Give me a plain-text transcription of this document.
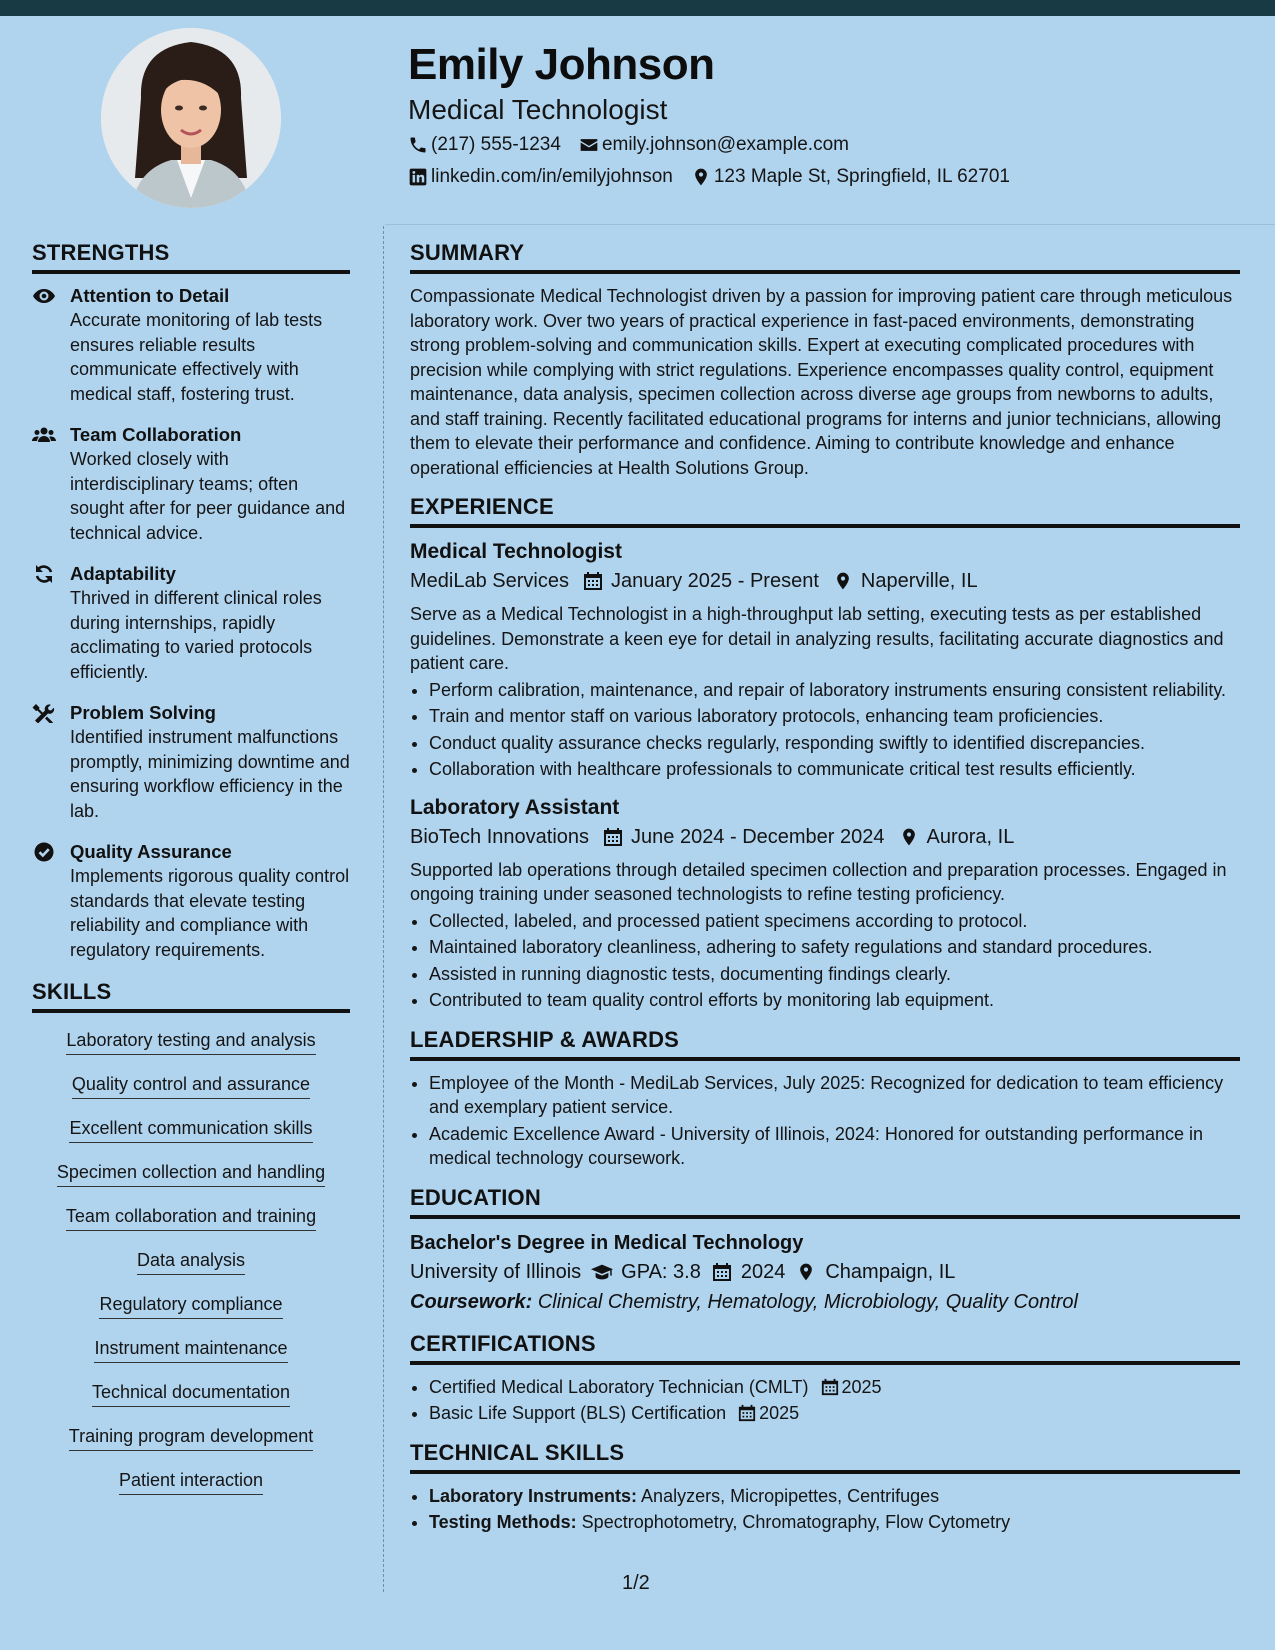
Emily Johnson
Medical Technologist
(217) 555-1234 emily.johnson@example.com
linkedin.com/in/emilyjohnson 123 Maple St, Springfield, IL 62701
STRENGTHS
Attention to Detail
Accurate monitoring of lab tests ensures reliable results communicate effectively with medical staff, fostering trust.
Team Collaboration
Worked closely with interdisciplinary teams; often sought after for peer guidance and technical advice.
Adaptability
Thrived in different clinical roles during internships, rapidly acclimating to varied protocols efficiently.
Problem Solving
Identified instrument malfunctions promptly, minimizing downtime and ensuring workflow efficiency in the lab.
Quality Assurance
Implements rigorous quality control standards that elevate testing reliability and compliance with regulatory requirements.
SKILLS
Laboratory testing and analysis
Quality control and assurance
Excellent communication skills
Specimen collection and handling
Team collaboration and training
Data analysis
Regulatory compliance
Instrument maintenance
Technical documentation
Training program development
Patient interaction
SUMMARY
Compassionate Medical Technologist driven by a passion for improving patient care through meticulous laboratory work. Over two years of practical experience in fast-paced environments, demonstrating strong problem-solving and communication skills. Expert at executing complicated procedures with precision while complying with strict regulations. Experience encompasses quality control, equipment maintenance, data analysis, specimen collection across diverse age groups from newborns to adults, and staff training. Recently facilitated educational programs for interns and junior technicians, allowing them to elevate their performance and confidence. Aiming to contribute knowledge and enhance operational efficiencies at Health Solutions Group.
EXPERIENCE
Medical Technologist
MediLab Services January 2025 - Present Naperville, IL
Serve as a Medical Technologist in a high-throughput lab setting, executing tests as per established guidelines. Demonstrate a keen eye for detail in analyzing results, facilitating accurate diagnostics and patient care.
• Perform calibration, maintenance, and repair of laboratory instruments ensuring consistent reliability.
• Train and mentor staff on various laboratory protocols, enhancing team proficiencies.
• Conduct quality assurance checks regularly, responding swiftly to identified discrepancies.
• Collaboration with healthcare professionals to communicate critical test results efficiently.
Laboratory Assistant
BioTech Innovations June 2024 - December 2024 Aurora, IL
Supported lab operations through detailed specimen collection and preparation processes. Engaged in ongoing training under seasoned technologists to refine testing proficiency.
• Collected, labeled, and processed patient specimens according to protocol.
• Maintained laboratory cleanliness, adhering to safety regulations and standard procedures.
• Assisted in running diagnostic tests, documenting findings clearly.
• Contributed to team quality control efforts by monitoring lab equipment.
LEADERSHIP & AWARDS
• Employee of the Month - MediLab Services, July 2025: Recognized for dedication to team efficiency and exemplary patient service.
• Academic Excellence Award - University of Illinois, 2024: Honored for outstanding performance in medical technology coursework.
EDUCATION
Bachelor's Degree in Medical Technology
University of Illinois GPA: 3.8 2024 Champaign, IL
Coursework: Clinical Chemistry, Hematology, Microbiology, Quality Control
CERTIFICATIONS
• Certified Medical Laboratory Technician (CMLT) 2025
• Basic Life Support (BLS) Certification 2025
TECHNICAL SKILLS
• Laboratory Instruments: Analyzers, Micropipettes, Centrifuges
• Testing Methods: Spectrophotometry, Chromatography, Flow Cytometry
1/2
